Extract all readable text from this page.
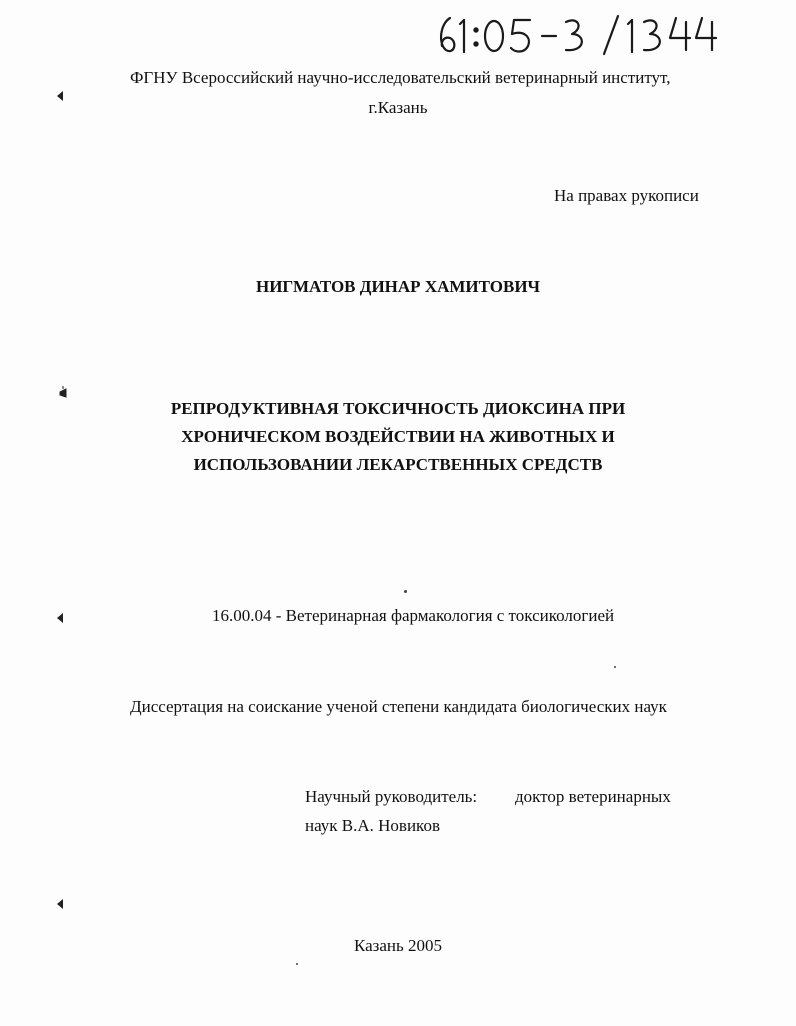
ФГНУ Всероссийский научно-исследовательский ветеринарный институт,
г.Казань
На правах рукописи
НИГМАТОВ ДИНАР ХАМИТОВИЧ
РЕПРОДУКТИВНАЯ ТОКСИЧНОСТЬ ДИОКСИНА ПРИ
ХРОНИЧЕСКОМ ВОЗДЕЙСТВИИ НА ЖИВОТНЫХ И
ИСПОЛЬЗОВАНИИ ЛЕКАРСТВЕННЫХ СРЕДСТВ
16.00.04 - Ветеринарная фармакология с токсикологией
Диссертация на соискание ученой степени кандидата биологических наук
Научный руководитель: доктор ветеринарных
наук В.А. Новиков
Казань 2005
